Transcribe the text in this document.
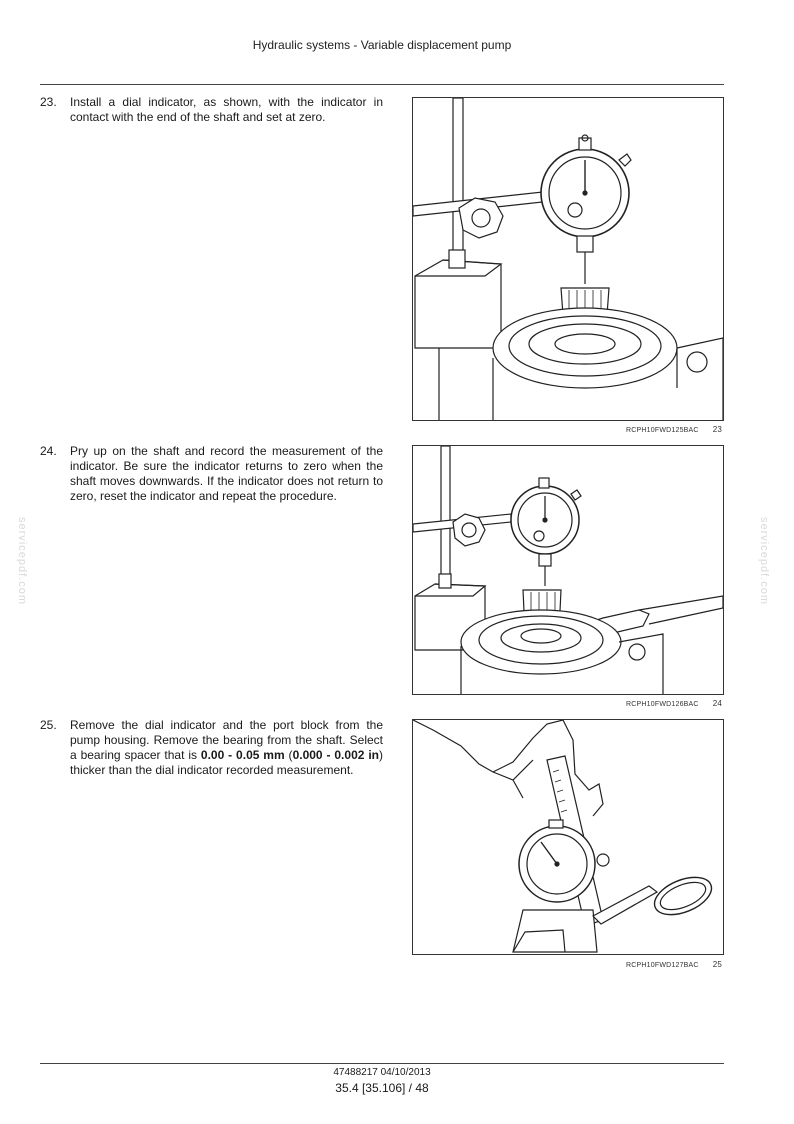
Hydraulic systems - Variable displacement pump
23. Install a dial indicator, as shown, with the indicator in contact with the end of the shaft and set at zero.
24. Pry up on the shaft and record the measurement of the indicator. Be sure the indicator returns to zero when the shaft moves downwards. If the indicator does not return to zero, reset the indicator and repeat the procedure.
25. Remove the dial indicator and the port block from the pump housing. Remove the bearing from the shaft. Select a bearing spacer that is 0.00 - 0.05 mm (0.000 - 0.002 in) thicker than the dial indicator recorded measurement.
RCPH10FWD125BAC 23
RCPH10FWD126BAC 24
RCPH10FWD127BAC 25
servicepdf.com	servicepdf.com
47488217 04/10/2013
35.4 [35.106] / 48
